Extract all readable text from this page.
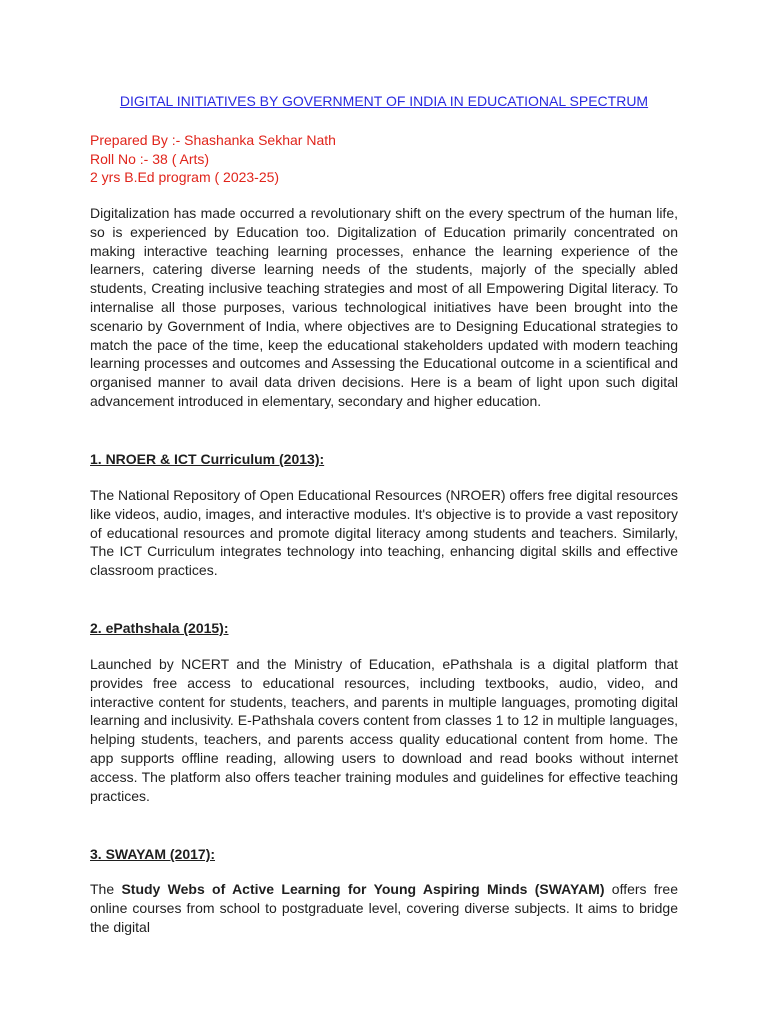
DIGITAL INITIATIVES BY GOVERNMENT OF INDIA IN EDUCATIONAL SPECTRUM
Prepared By :- Shashanka Sekhar Nath
Roll No :- 38 ( Arts)
2 yrs B.Ed program ( 2023-25)
Digitalization has made occurred a revolutionary shift on the every spectrum of the human life, so is experienced by Education too. Digitalization of Education primarily concentrated on making interactive teaching learning processes, enhance the learning experience of the learners, catering diverse learning needs of the students, majorly of the specially abled students, Creating inclusive teaching strategies and most of all Empowering Digital literacy. To internalise all those purposes, various technological initiatives have been brought into the scenario by Government of India, where objectives are to Designing Educational strategies to match the pace of the time, keep the educational stakeholders updated with modern teaching learning processes and outcomes and Assessing the Educational outcome in a scientifical and organised manner to avail data driven decisions. Here is a beam of light upon such digital advancement introduced in elementary, secondary and higher education.
1. NROER & ICT Curriculum (2013):
The National Repository of Open Educational Resources (NROER) offers free digital resources like videos, audio, images, and interactive modules. It's objective is to provide a vast repository of educational resources and promote digital literacy among students and teachers. Similarly, The ICT Curriculum integrates technology into teaching, enhancing digital skills and effective classroom practices.
2. ePathshala (2015):
Launched by NCERT and the Ministry of Education, ePathshala is a digital platform that provides free access to educational resources, including textbooks, audio, video, and interactive content for students, teachers, and parents in multiple languages, promoting digital learning and inclusivity. E-Pathshala covers content from classes 1 to 12 in multiple languages, helping students, teachers, and parents access quality educational content from home. The app supports offline reading, allowing users to download and read books without internet access. The platform also offers teacher training modules and guidelines for effective teaching practices.
3. SWAYAM (2017):
The Study Webs of Active Learning for Young Aspiring Minds (SWAYAM) offers free online courses from school to postgraduate level, covering diverse subjects. It aims to bridge the digital
